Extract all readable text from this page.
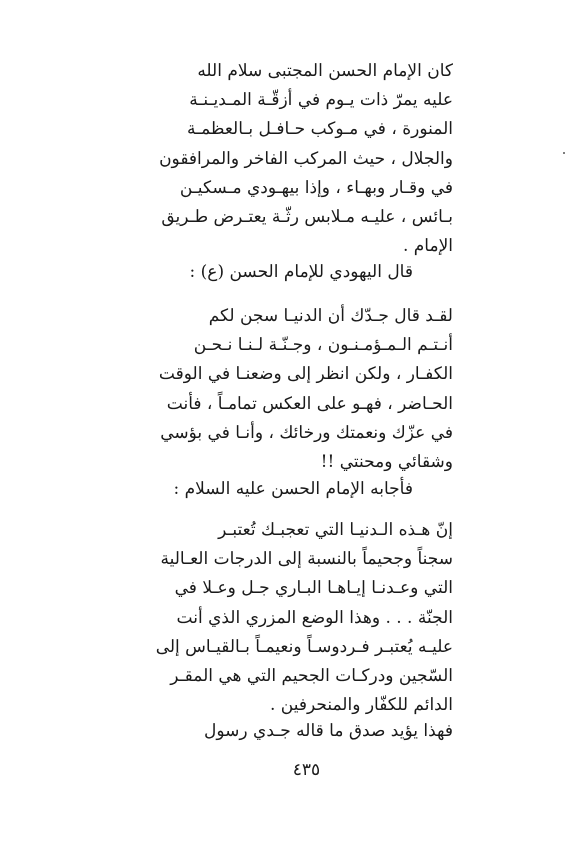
كان الإمام الحسن المجتبى سلام الله
عليه يمرّ ذات يـوم في أزقّـة المـديـنـة
المنورة ، في مـوكب حـافـل بـالعظمـة
والجلال ، حيث المركب الفاخر والمرافقون
في وقـار وبهـاء ، وإذا بيهـودي مـسكيـن
بـائس ، عليـه مـلابس رثّـة يعتـرض طـريق
الإمام .
قال اليهودي للإمام الحسن (ع) :
لقـد قال جـدّك أن الدنيـا سجن لكم
أنـتـم الـمـؤمـنـون ، وجـنّـة لـنـا نـحـن
الكفـار ، ولكن انظر إلى وضعنـا في الوقت
الحـاضر ، فهـو على العكس تمامـاً ، فأنت
في عزّك ونعمتك ورخائك ، وأنـا في بؤسي
وشقائي ومحنتي !!
فأجابه الإمام الحسن عليه السلام :
إنّ هـذه الـدنيـا التي تعجبـك تُعتبـر
سجناً وجحيماً بالنسبة إلى الدرجات العـالية
التي وعـدنـا إيـاهـا البـاري جـل وعـلا في
الجنّة . . . وهذا الوضع المزري الذي أنت
عليـه يُعتبـر فـردوسـاً ونعيمـاً بـالقيـاس إلى
السّجين ودركـات الجحيم التي هي المقـر
الدائم للكفّار والمنحرفين .
فهذا يؤيد صدق ما قاله جـدي رسول
٤٣٥
